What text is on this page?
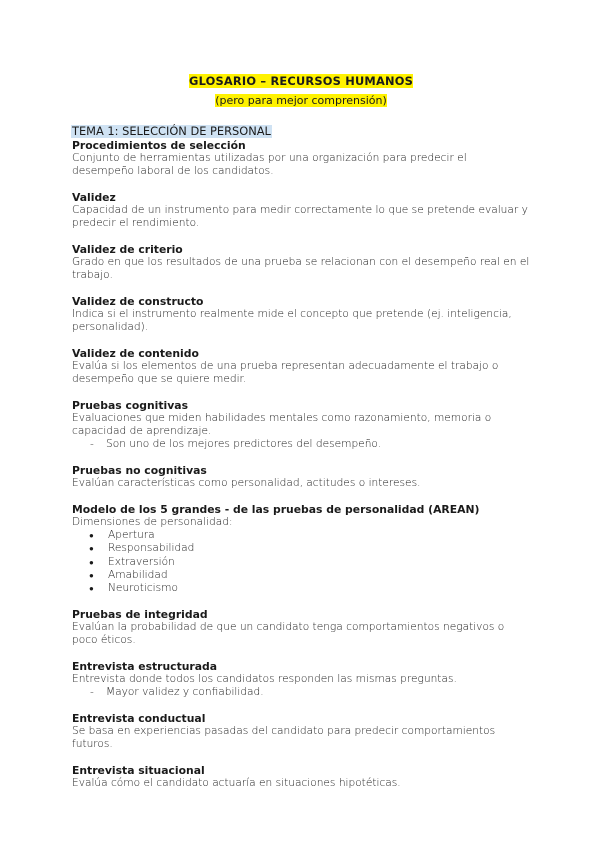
GLOSARIO – RECURSOS HUMANOS
(pero para mejor comprensión)
TEMA 1: SELECCIÓN DE PERSONAL
Procedimientos de selección
Conjunto de herramientas utilizadas por una organización para predecir el desempeño laboral de los candidatos.
Validez
Capacidad de un instrumento para medir correctamente lo que se pretende evaluar y predecir el rendimiento.
Validez de criterio
Grado en que los resultados de una prueba se relacionan con el desempeño real en el trabajo.
Validez de constructo
Indica si el instrumento realmente mide el concepto que pretende (ej. inteligencia, personalidad).
Validez de contenido
Evalúa si los elementos de una prueba representan adecuadamente el trabajo o desempeño que se quiere medir.
Pruebas cognitivas
Evaluaciones que miden habilidades mentales como razonamiento, memoria o capacidad de aprendizaje.
- Son uno de los mejores predictores del desempeño.
Pruebas no cognitivas
Evalúan características como personalidad, actitudes o intereses.
Modelo de los 5 grandes - de las pruebas de personalidad (AREAN)
Dimensiones de personalidad:
● Apertura
● Responsabilidad
● Extraversión
● Amabilidad
● Neuroticismo
Pruebas de integridad
Evalúan la probabilidad de que un candidato tenga comportamientos negativos o poco éticos.
Entrevista estructurada
Entrevista donde todos los candidatos responden las mismas preguntas.
- Mayor validez y confiabilidad.
Entrevista conductual
Se basa en experiencias pasadas del candidato para predecir comportamientos futuros.
Entrevista situacional
Evalúa cómo el candidato actuaría en situaciones hipotéticas.
